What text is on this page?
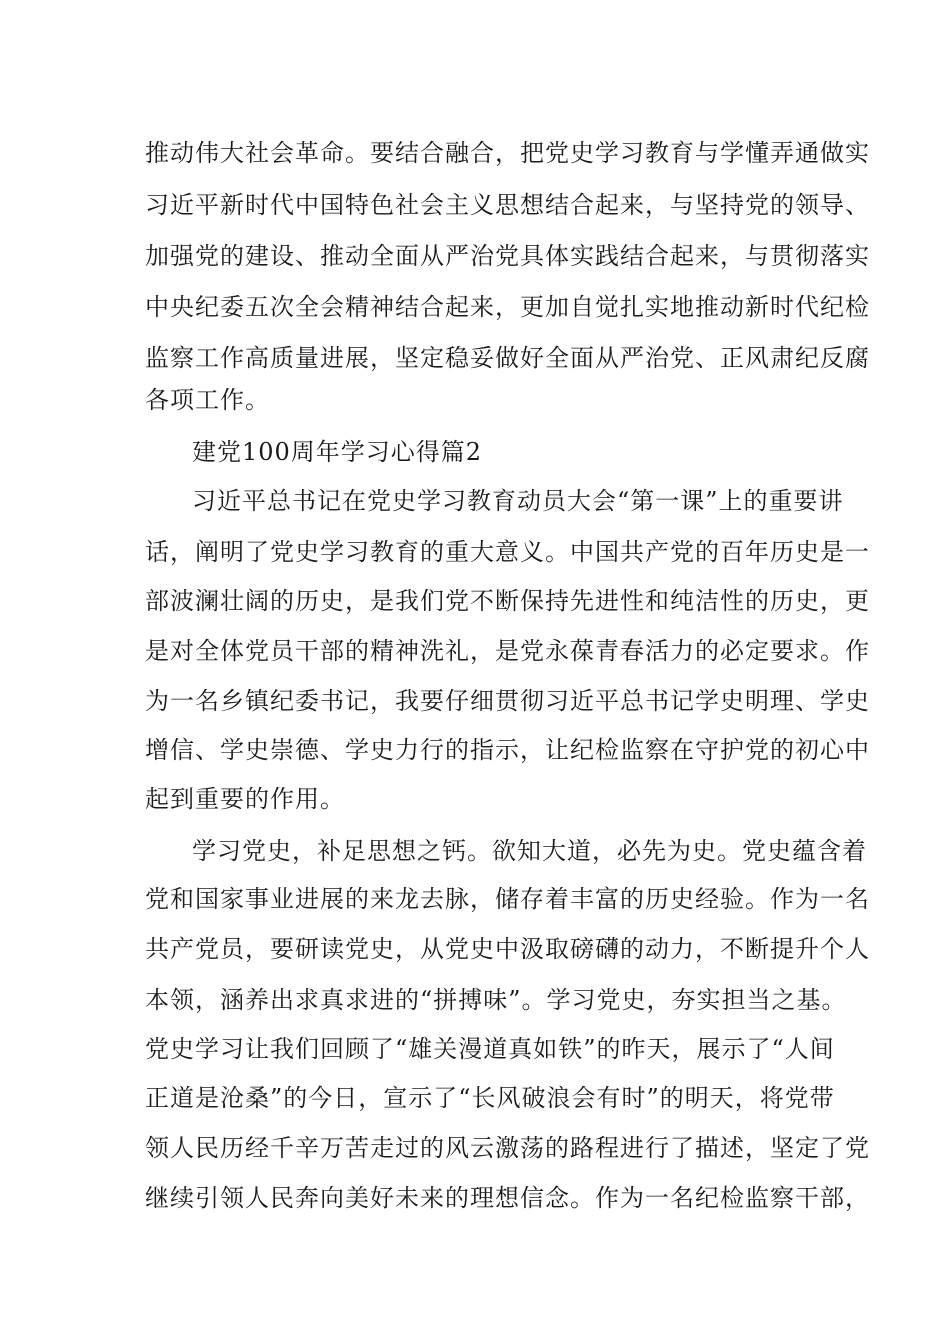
推动伟大社会革命。要结合融合，把党史学习教育与学懂弄通做实
习近平新时代中国特色社会主义思想结合起来，与坚持党的领导、
加强党的建设、推动全面从严治党具体实践结合起来，与贯彻落实
中央纪委五次全会精神结合起来，更加自觉扎实地推动新时代纪检
监察工作高质量进展，坚定稳妥做好全面从严治党、正风肃纪反腐
各项工作。
建党100周年学习心得篇2
习近平总书记在党史学习教育动员大会“第一课”上的重要讲
话，阐明了党史学习教育的重大意义。中国共产党的百年历史是一
部波澜壮阔的历史，是我们党不断保持先进性和纯洁性的历史，更
是对全体党员干部的精神洗礼，是党永葆青春活力的必定要求。作
为一名乡镇纪委书记，我要仔细贯彻习近平总书记学史明理、学史
增信、学史崇德、学史力行的指示，让纪检监察在守护党的初心中
起到重要的作用。
学习党史，补足思想之钙。欲知大道，必先为史。党史蕴含着
党和国家事业进展的来龙去脉，储存着丰富的历史经验。作为一名
共产党员，要研读党史，从党史中汲取磅礴的动力，不断提升个人
本领，涵养出求真求进的“拼搏味”。学习党史，夯实担当之基。
党史学习让我们回顾了“雄关漫道真如铁”的昨天，展示了“人间
正道是沧桑”的今日，宣示了“长风破浪会有时”的明天，将党带
领人民历经千辛万苦走过的风云激荡的路程进行了描述，坚定了党
继续引领人民奔向美好未来的理想信念。作为一名纪检监察干部，
